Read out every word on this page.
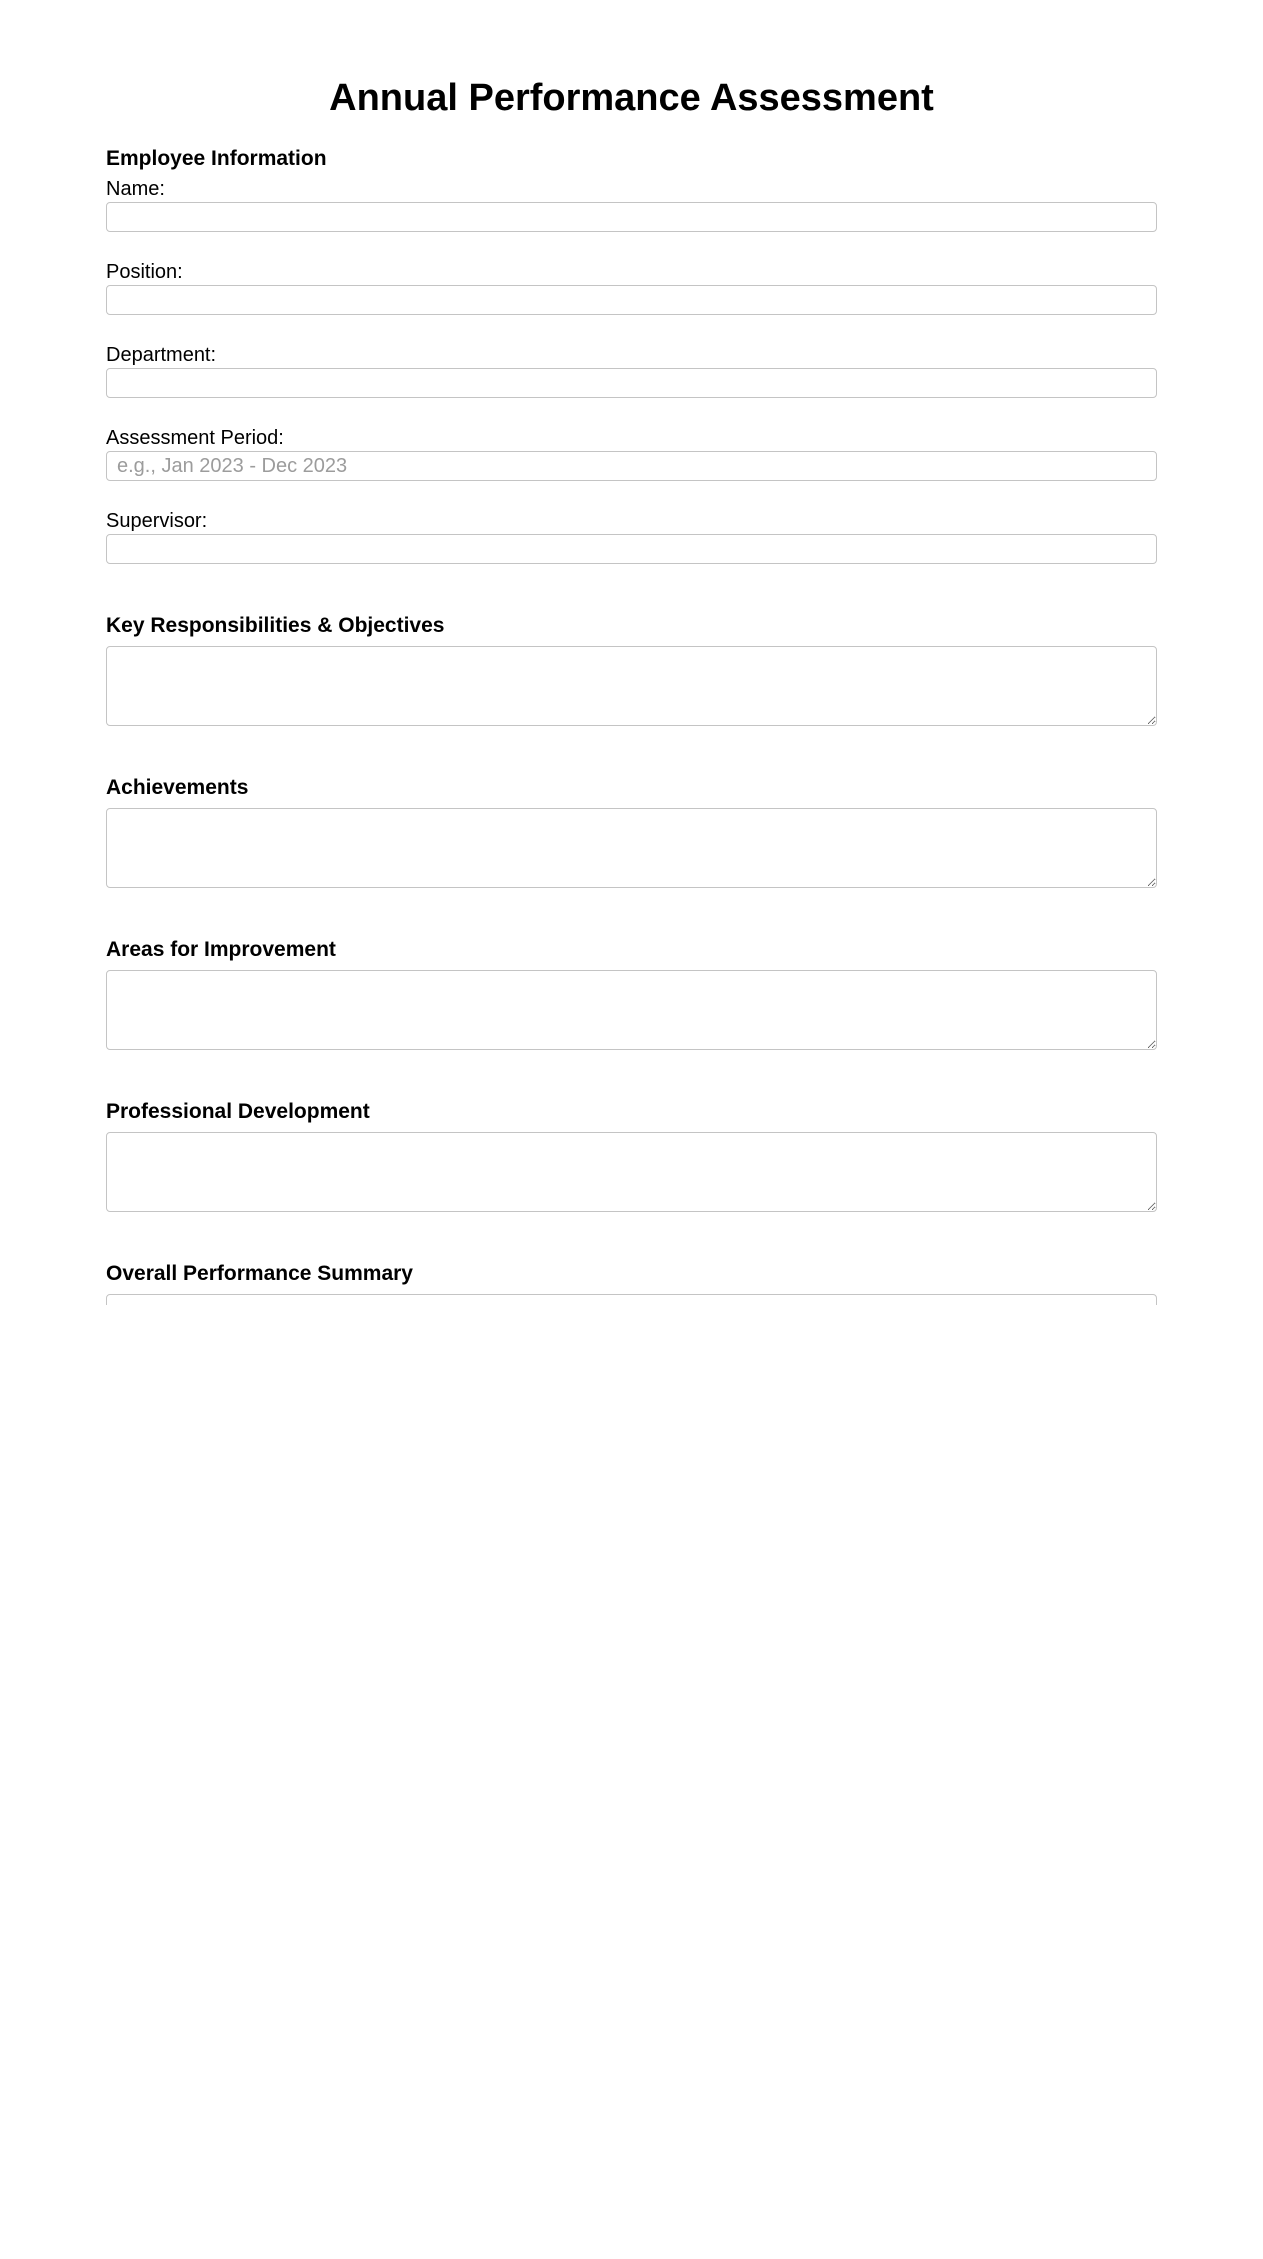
Annual Performance Assessment
Employee Information
Name:
Position:
Department:
Assessment Period:
e.g., Jan 2023 - Dec 2023
Supervisor:
Key Responsibilities & Objectives
Achievements
Areas for Improvement
Professional Development
Overall Performance Summary
